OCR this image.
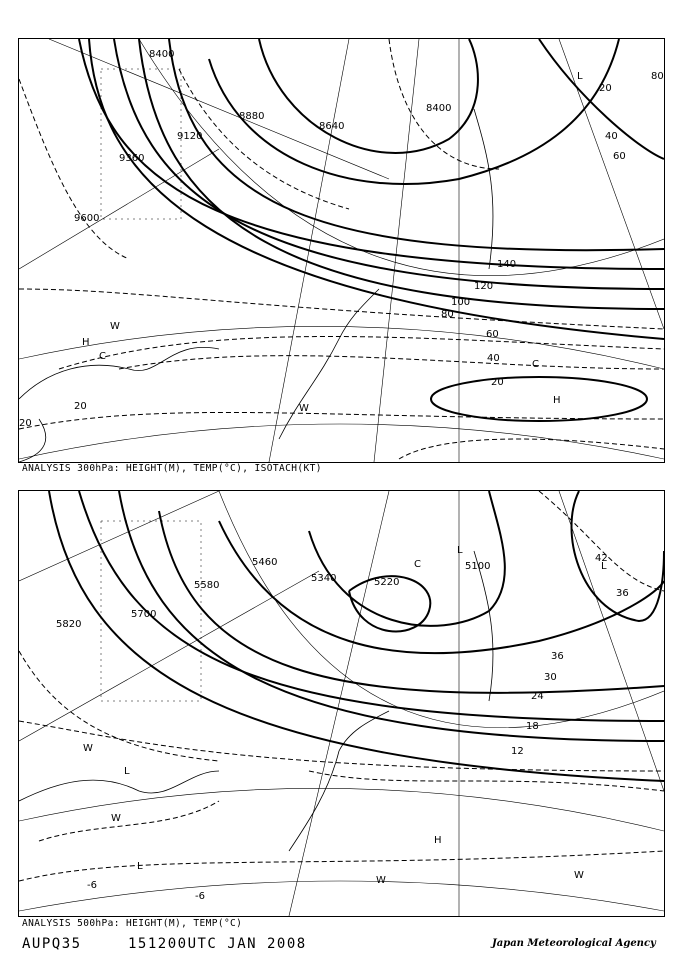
8400
9120
9360
9600
8880
8640
8400
140
120
100
80
60
40
20
20
60
80
40
20
20
H
C
W
W
H
C
L
ANALYSIS 300hPa: HEIGHT(M), TEMP(°C), ISOTACH(KT)
5820
5700
5580
5460
5340	5220
5100
42
36
36
30
24
18
12
-6
-6
L
C	L
W
L
W
H
W	W
L
ANALYSIS 500hPa: HEIGHT(M), TEMP(°C)
AUPQ35	151200UTC JAN 2008	Japan Meteorological Agency
